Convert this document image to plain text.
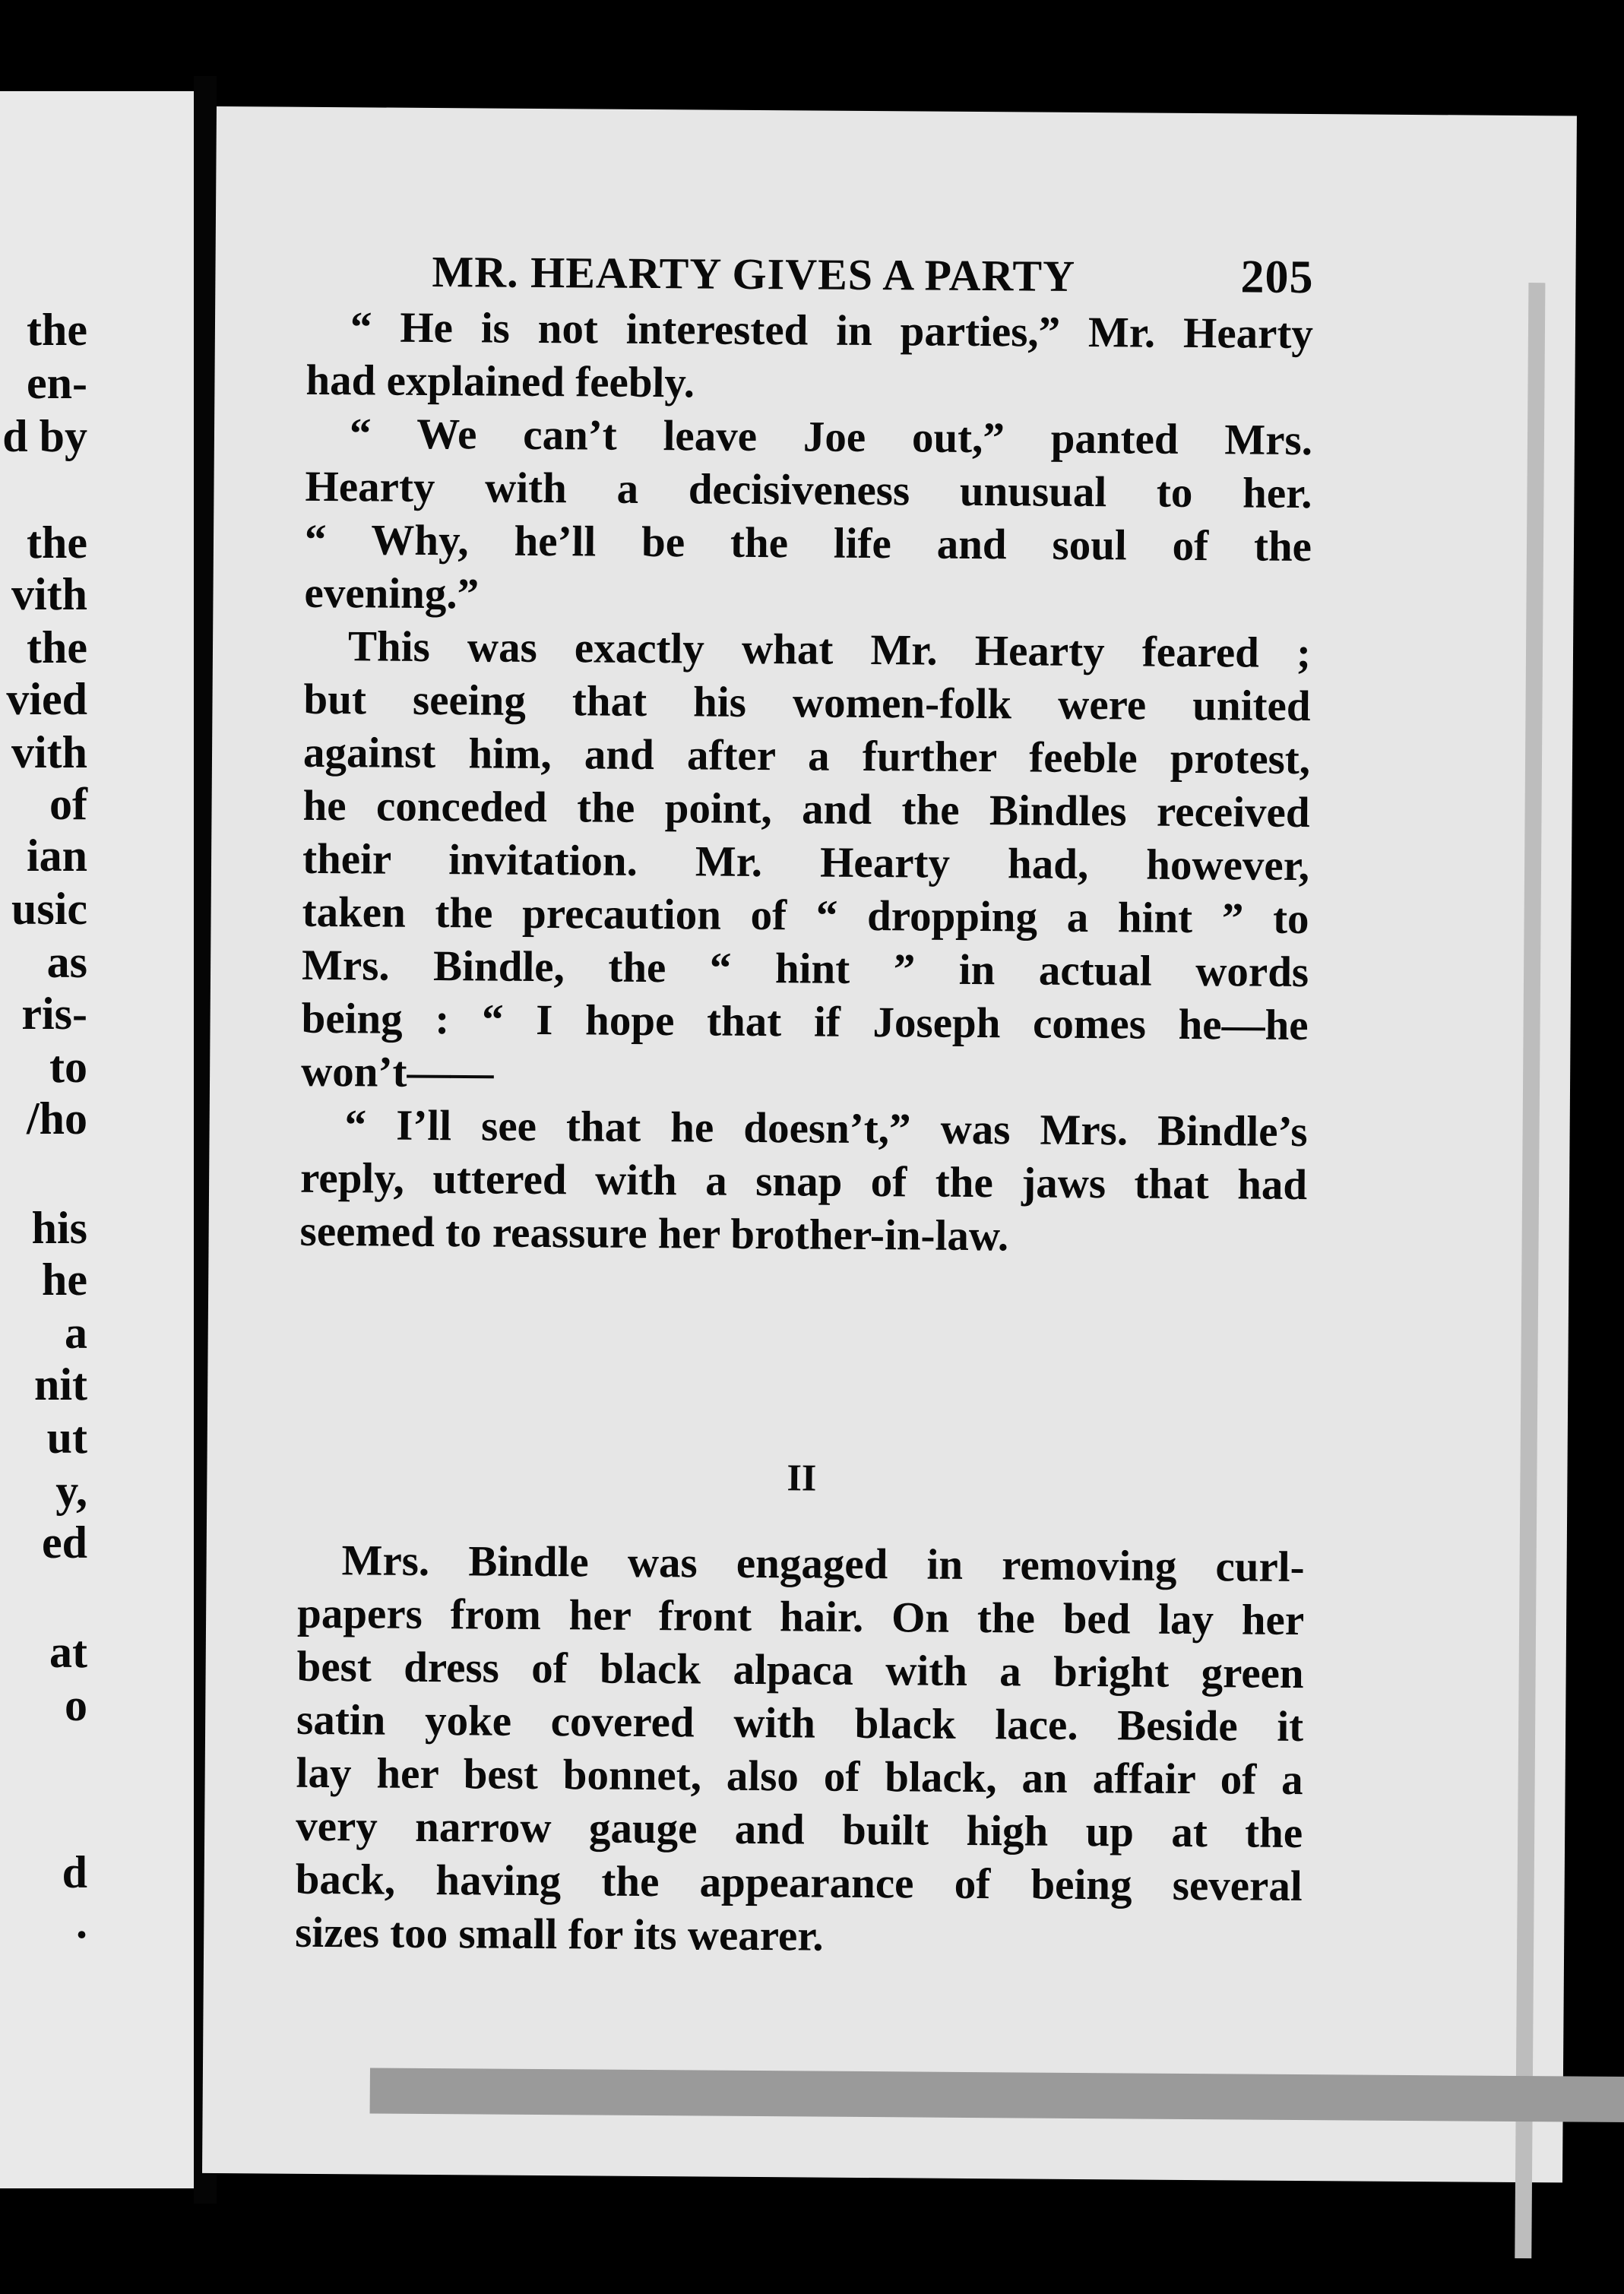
the
en-
d by
the
vith
the
vied
vith
of
ian
usic
as
ris-
to
/ho
his
he
a
nit
ut
y,
ed
at
o
d
.
MR. HEARTY GIVES A PARTY	205

“ He is not interested in parties,” Mr. Hearty
had explained feebly.

“ We can’t leave Joe out,” panted Mrs.
Hearty with a decisiveness unusual to her.
“ Why, he’ll be the life and soul of the
evening.”

This was exactly what Mr. Hearty feared ;
but seeing that his women-folk were united
against him, and after a further feeble protest,
he conceded the point, and the Bindles received
their invitation. Mr. Hearty had, however,
taken the precaution of “ dropping a hint ” to
Mrs. Bindle, the “ hint ” in actual words
being : “ I hope that if Joseph comes he—he
won’t——

“ I’ll see that he doesn’t,” was Mrs. Bindle’s
reply, uttered with a snap of the jaws that had
seemed to reassure her brother-in-law.

II

Mrs. Bindle was engaged in removing curl-
papers from her front hair. On the bed lay her
best dress of black alpaca with a bright green
satin yoke covered with black lace. Beside it
lay her best bonnet, also of black, an affair of a
very narrow gauge and built high up at the
back, having the appearance of being several
sizes too small for its wearer.
